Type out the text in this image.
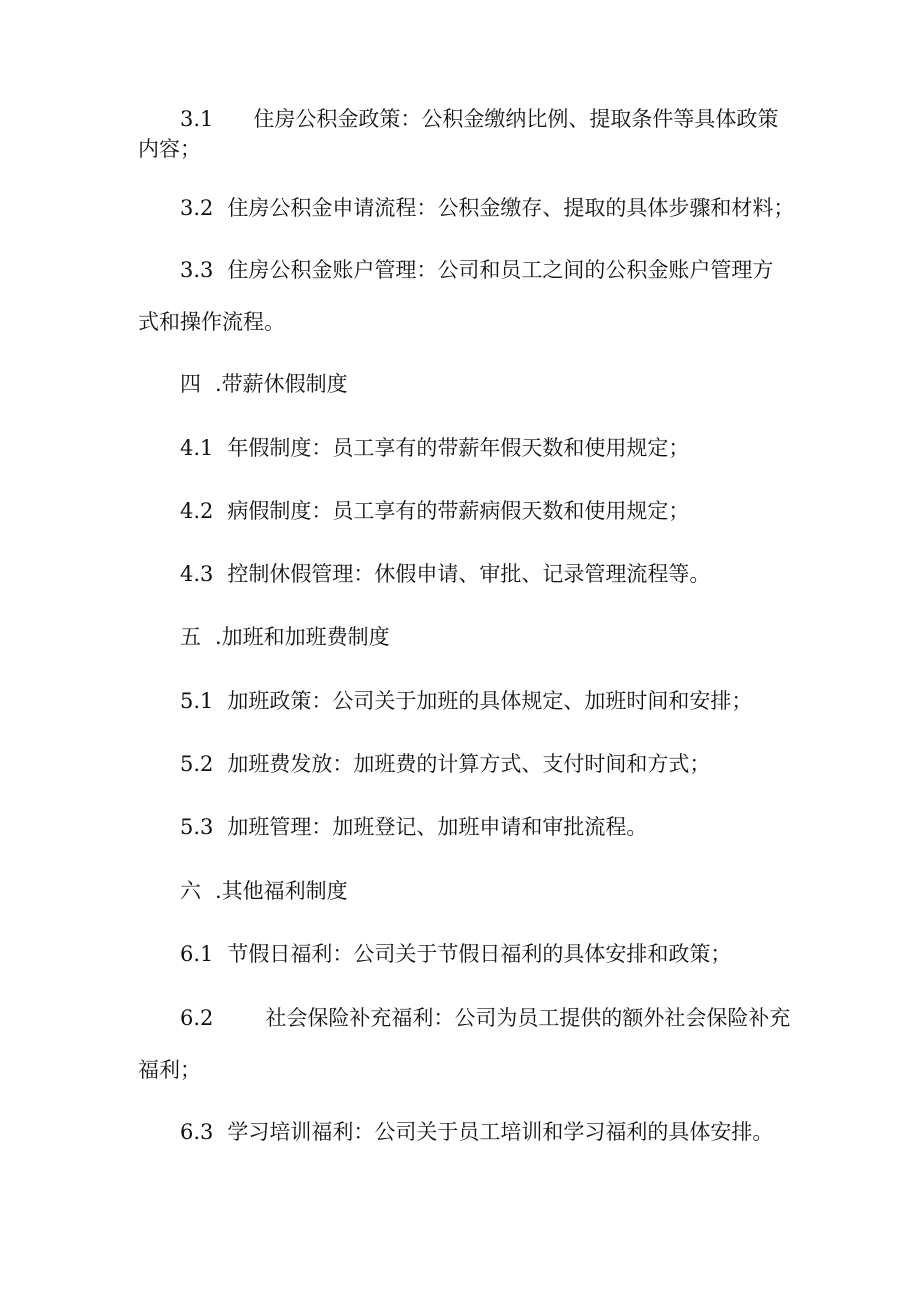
3.1 住房公积金政策：公积金缴纳比例、提取条件等具体政策
内容；
3.2 住房公积金申请流程：公积金缴存、提取的具体步骤和材料；
3.3 住房公积金账户管理：公司和员工之间的公积金账户管理方
式和操作流程。
四 .带薪休假制度
4.1 年假制度：员工享有的带薪年假天数和使用规定；
4.2 病假制度：员工享有的带薪病假天数和使用规定；
4.3 控制休假管理：休假申请、审批、记录管理流程等。
五 .加班和加班费制度
5.1 加班政策：公司关于加班的具体规定、加班时间和安排；
5.2 加班费发放：加班费的计算方式、支付时间和方式；
5.3 加班管理：加班登记、加班申请和审批流程。
六 .其他福利制度
6.1 节假日福利：公司关于节假日福利的具体安排和政策；
6.2 社会保险补充福利：公司为员工提供的额外社会保险补充
福利；
6.3 学习培训福利：公司关于员工培训和学习福利的具体安排。
